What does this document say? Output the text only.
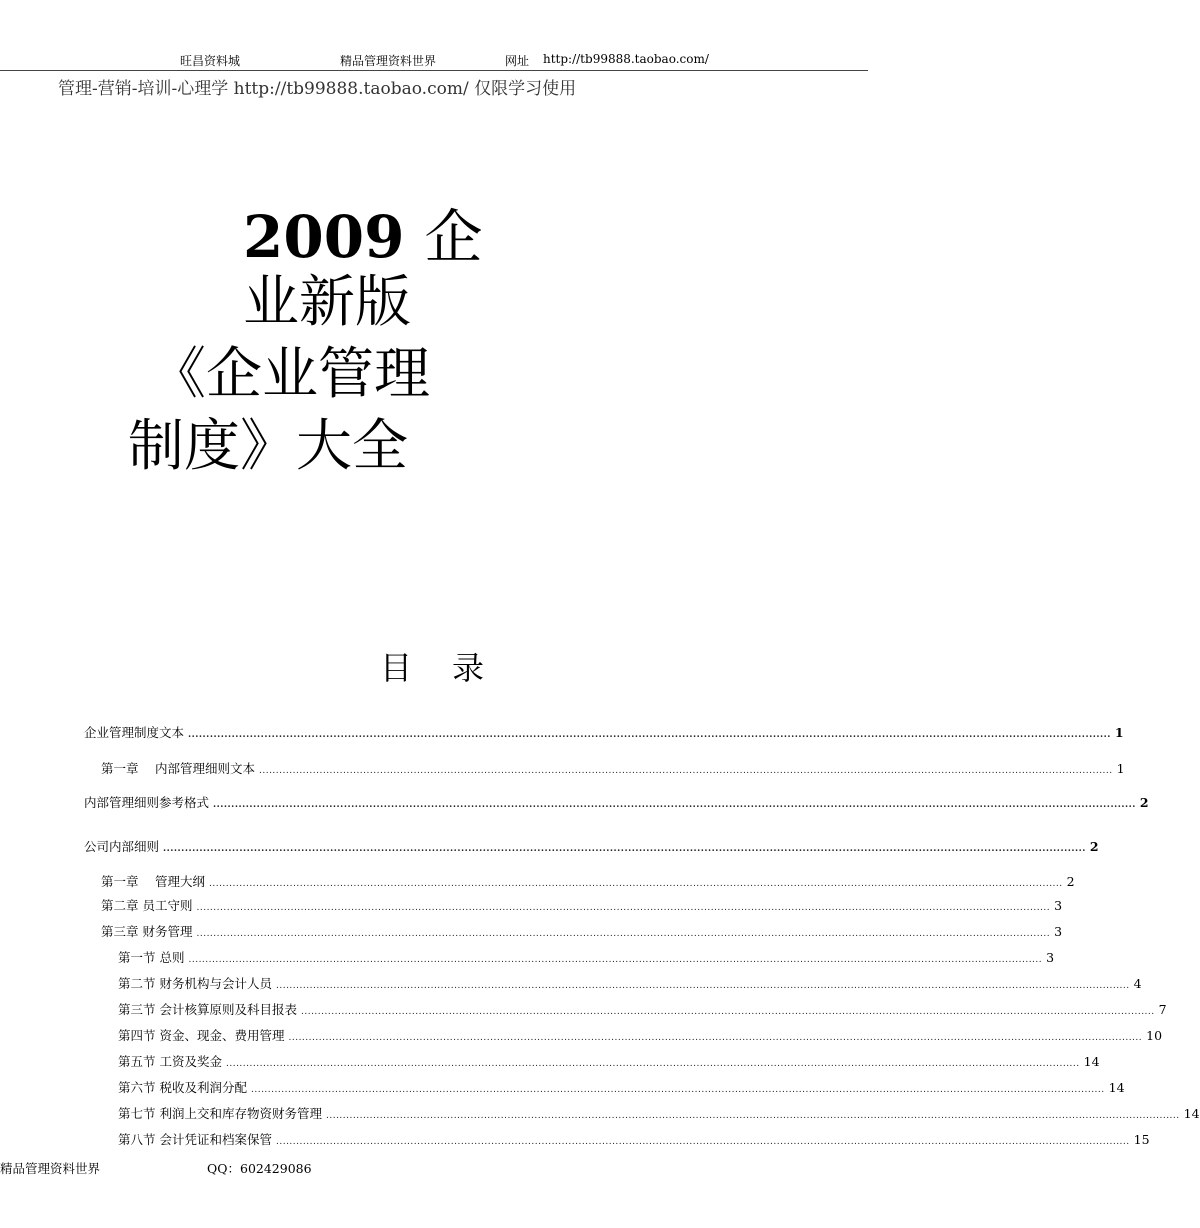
旺昌资料城	精品管理资料世界	网址 http://tb99888.taobao.com/
管理-营销-培训-心理学 http://tb99888.taobao.com/ 仅限学习使用
2009 企
业新版
《企业管理
制度》大全
目录
企业管理制度文本 .....	1
第一章　 内部管理细则文本 .....	1
内部管理细则参考格式 .....	2
公司内部细则 .....	2
第一章　 管理大纲 .....	2
第二章 员工守则 .....	3
第三章 财务管理 .....	3
第一节 总则 .....	3
第二节 财务机构与会计人员 .....	4
第三节 会计核算原则及科目报表 .....	7
第四节 资金、现金、费用管理 .....	10
第五节 工资及奖金 .....	14
第六节 税收及利润分配 .....	14
第七节 利润上交和库存物资财务管理 .....	14
第八节 会计凭证和档案保管 .....	15
精品管理资料世界	QQ：602429086
